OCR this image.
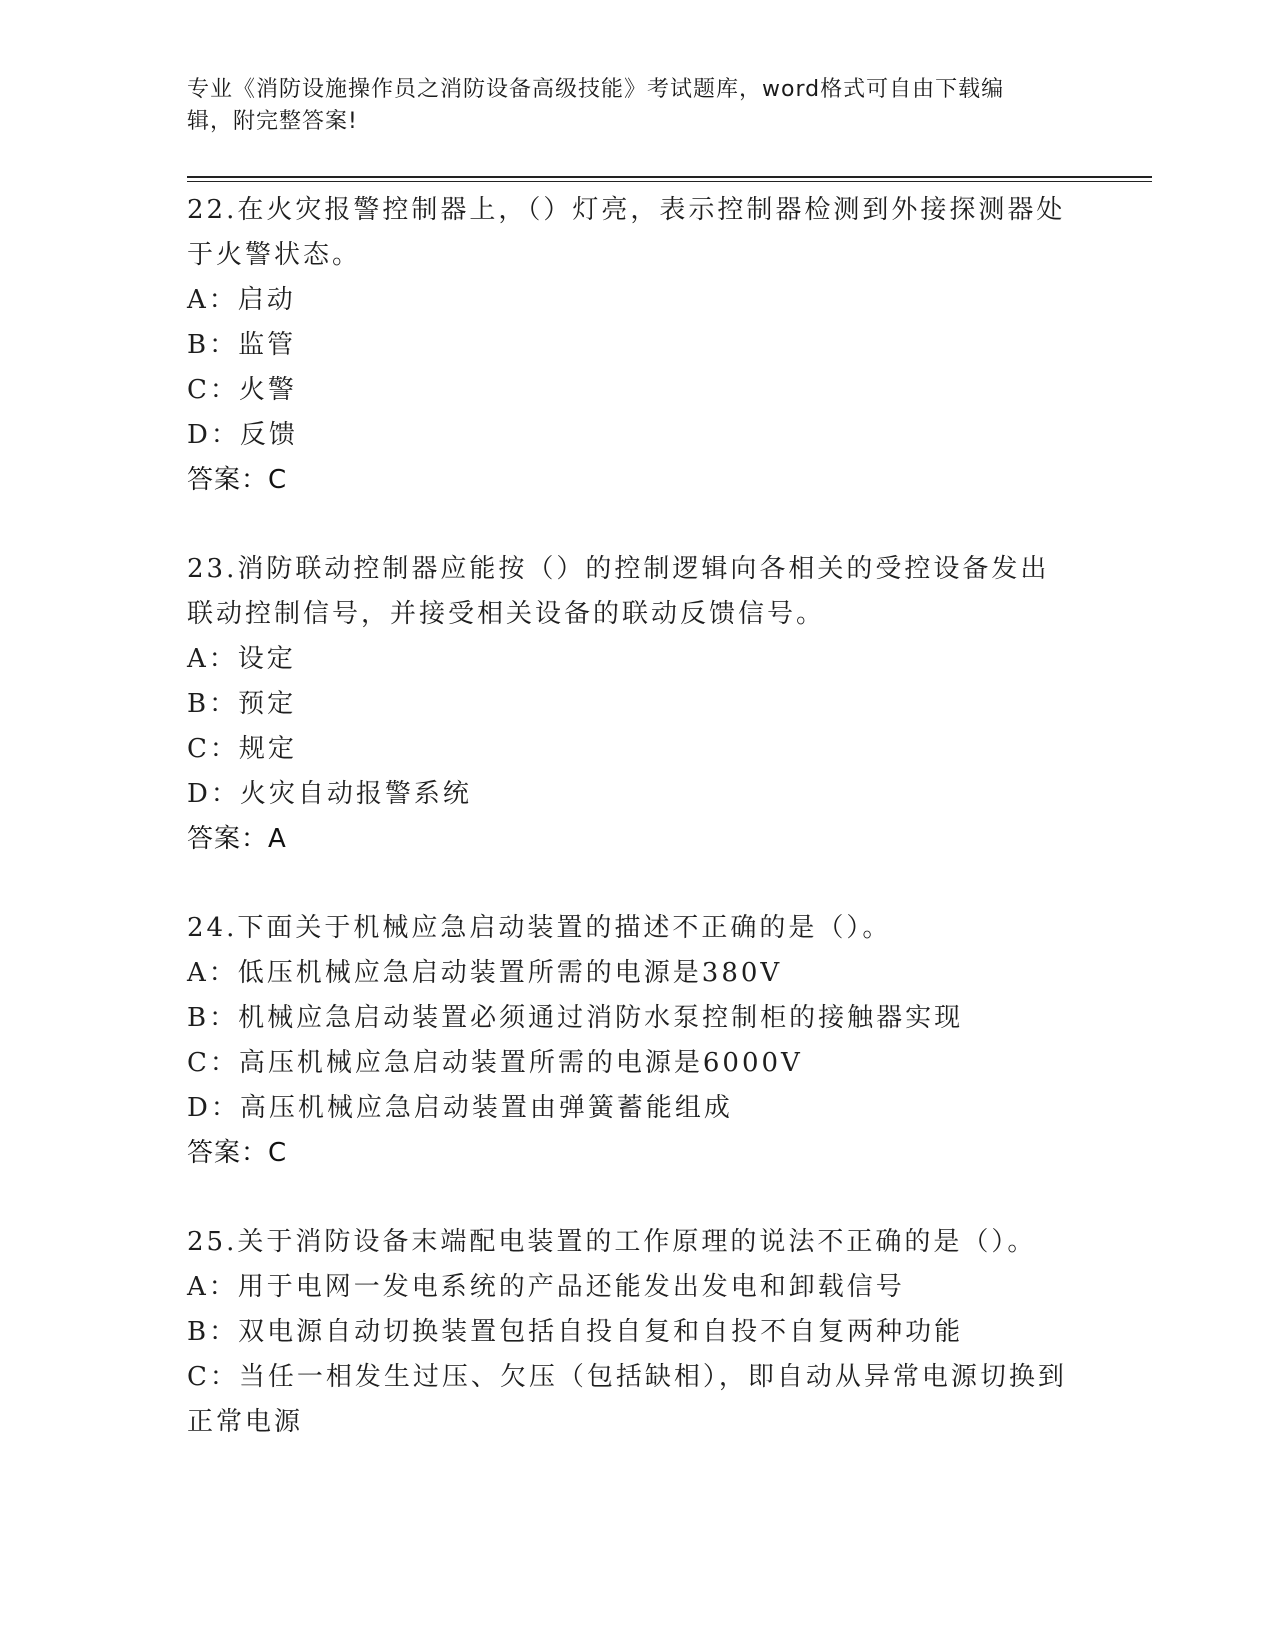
专业《消防设施操作员之消防设备高级技能》考试题库，word格式可自由下载编
辑，附完整答案!
22.在火灾报警控制器上，（）灯亮，表示控制器检测到外接探测器处于火警状态。
A：启动
B：监管
C：火警
D：反馈
答案：C
23.消防联动控制器应能按（）的控制逻辑向各相关的受控设备发出联动控制信号，并接受相关设备的联动反馈信号。
A：设定
B：预定
C：规定
D：火灾自动报警系统
答案：A
24.下面关于机械应急启动装置的描述不正确的是（）。
A：低压机械应急启动装置所需的电源是380V
B：机械应急启动装置必须通过消防水泵控制柜的接触器实现
C：高压机械应急启动装置所需的电源是6000V
D：高压机械应急启动装置由弹簧蓄能组成
答案：C
25.关于消防设备末端配电装置的工作原理的说法不正确的是（）。
A：用于电网一发电系统的产品还能发出发电和卸载信号
B：双电源自动切换装置包括自投自复和自投不自复两种功能
C：当任一相发生过压、欠压（包括缺相），即自动从异常电源切换到正常电源
